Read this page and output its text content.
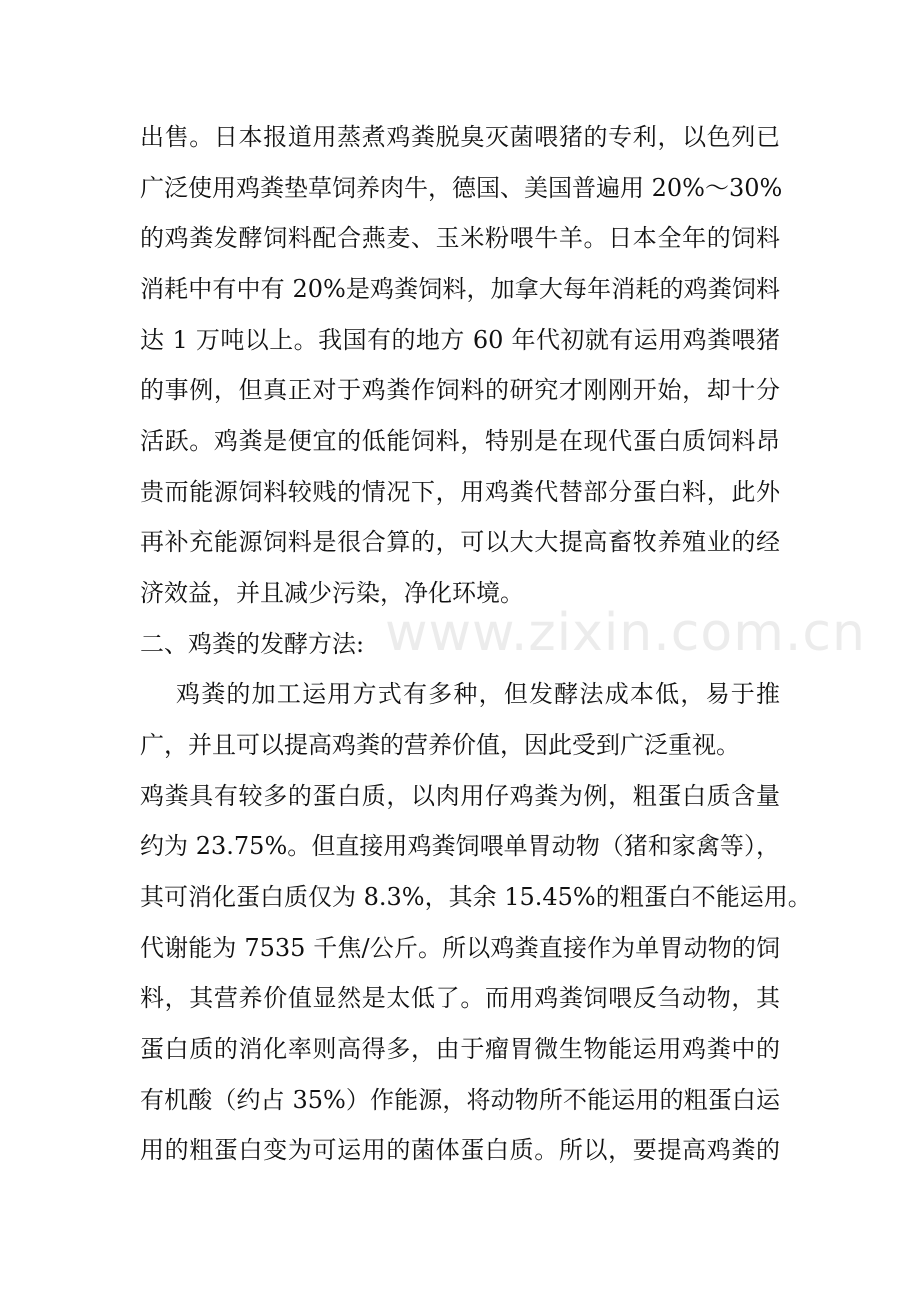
www.zixin.com.cn
出售。日本报道用蒸煮鸡粪脱臭灭菌喂猪的专利，以色列已
广泛使用鸡粪垫草饲养肉牛，德国、美国普遍用 20%～30%
的鸡粪发酵饲料配合燕麦、玉米粉喂牛羊。日本全年的饲料
消耗中有中有 20%是鸡粪饲料，加拿大每年消耗的鸡粪饲料
达 1 万吨以上。我国有的地方 60 年代初就有运用鸡粪喂猪
的事例，但真正对于鸡粪作饲料的研究才刚刚开始，却十分
活跃。鸡粪是便宜的低能饲料，特别是在现代蛋白质饲料昂
贵而能源饲料较贱的情况下，用鸡粪代替部分蛋白料，此外
再补充能源饲料是很合算的，可以大大提高畜牧养殖业的经
济效益，并且减少污染，净化环境。
二、鸡粪的发酵方法:
鸡粪的加工运用方式有多种，但发酵法成本低，易于推
广，并且可以提高鸡粪的营养价值，因此受到广泛重视。
鸡粪具有较多的蛋白质，以肉用仔鸡粪为例，粗蛋白质含量
约为 23.75%。但直接用鸡粪饲喂单胃动物（猪和家禽等），
其可消化蛋白质仅为 8.3%，其余 15.45%的粗蛋白不能运用。
代谢能为 7535 千焦/公斤。所以鸡粪直接作为单胃动物的饲
料，其营养价值显然是太低了。而用鸡粪饲喂反刍动物，其
蛋白质的消化率则高得多，由于瘤胃微生物能运用鸡粪中的
有机酸（约占 35%）作能源，将动物所不能运用的粗蛋白运
用的粗蛋白变为可运用的菌体蛋白质。所以，要提高鸡粪的
